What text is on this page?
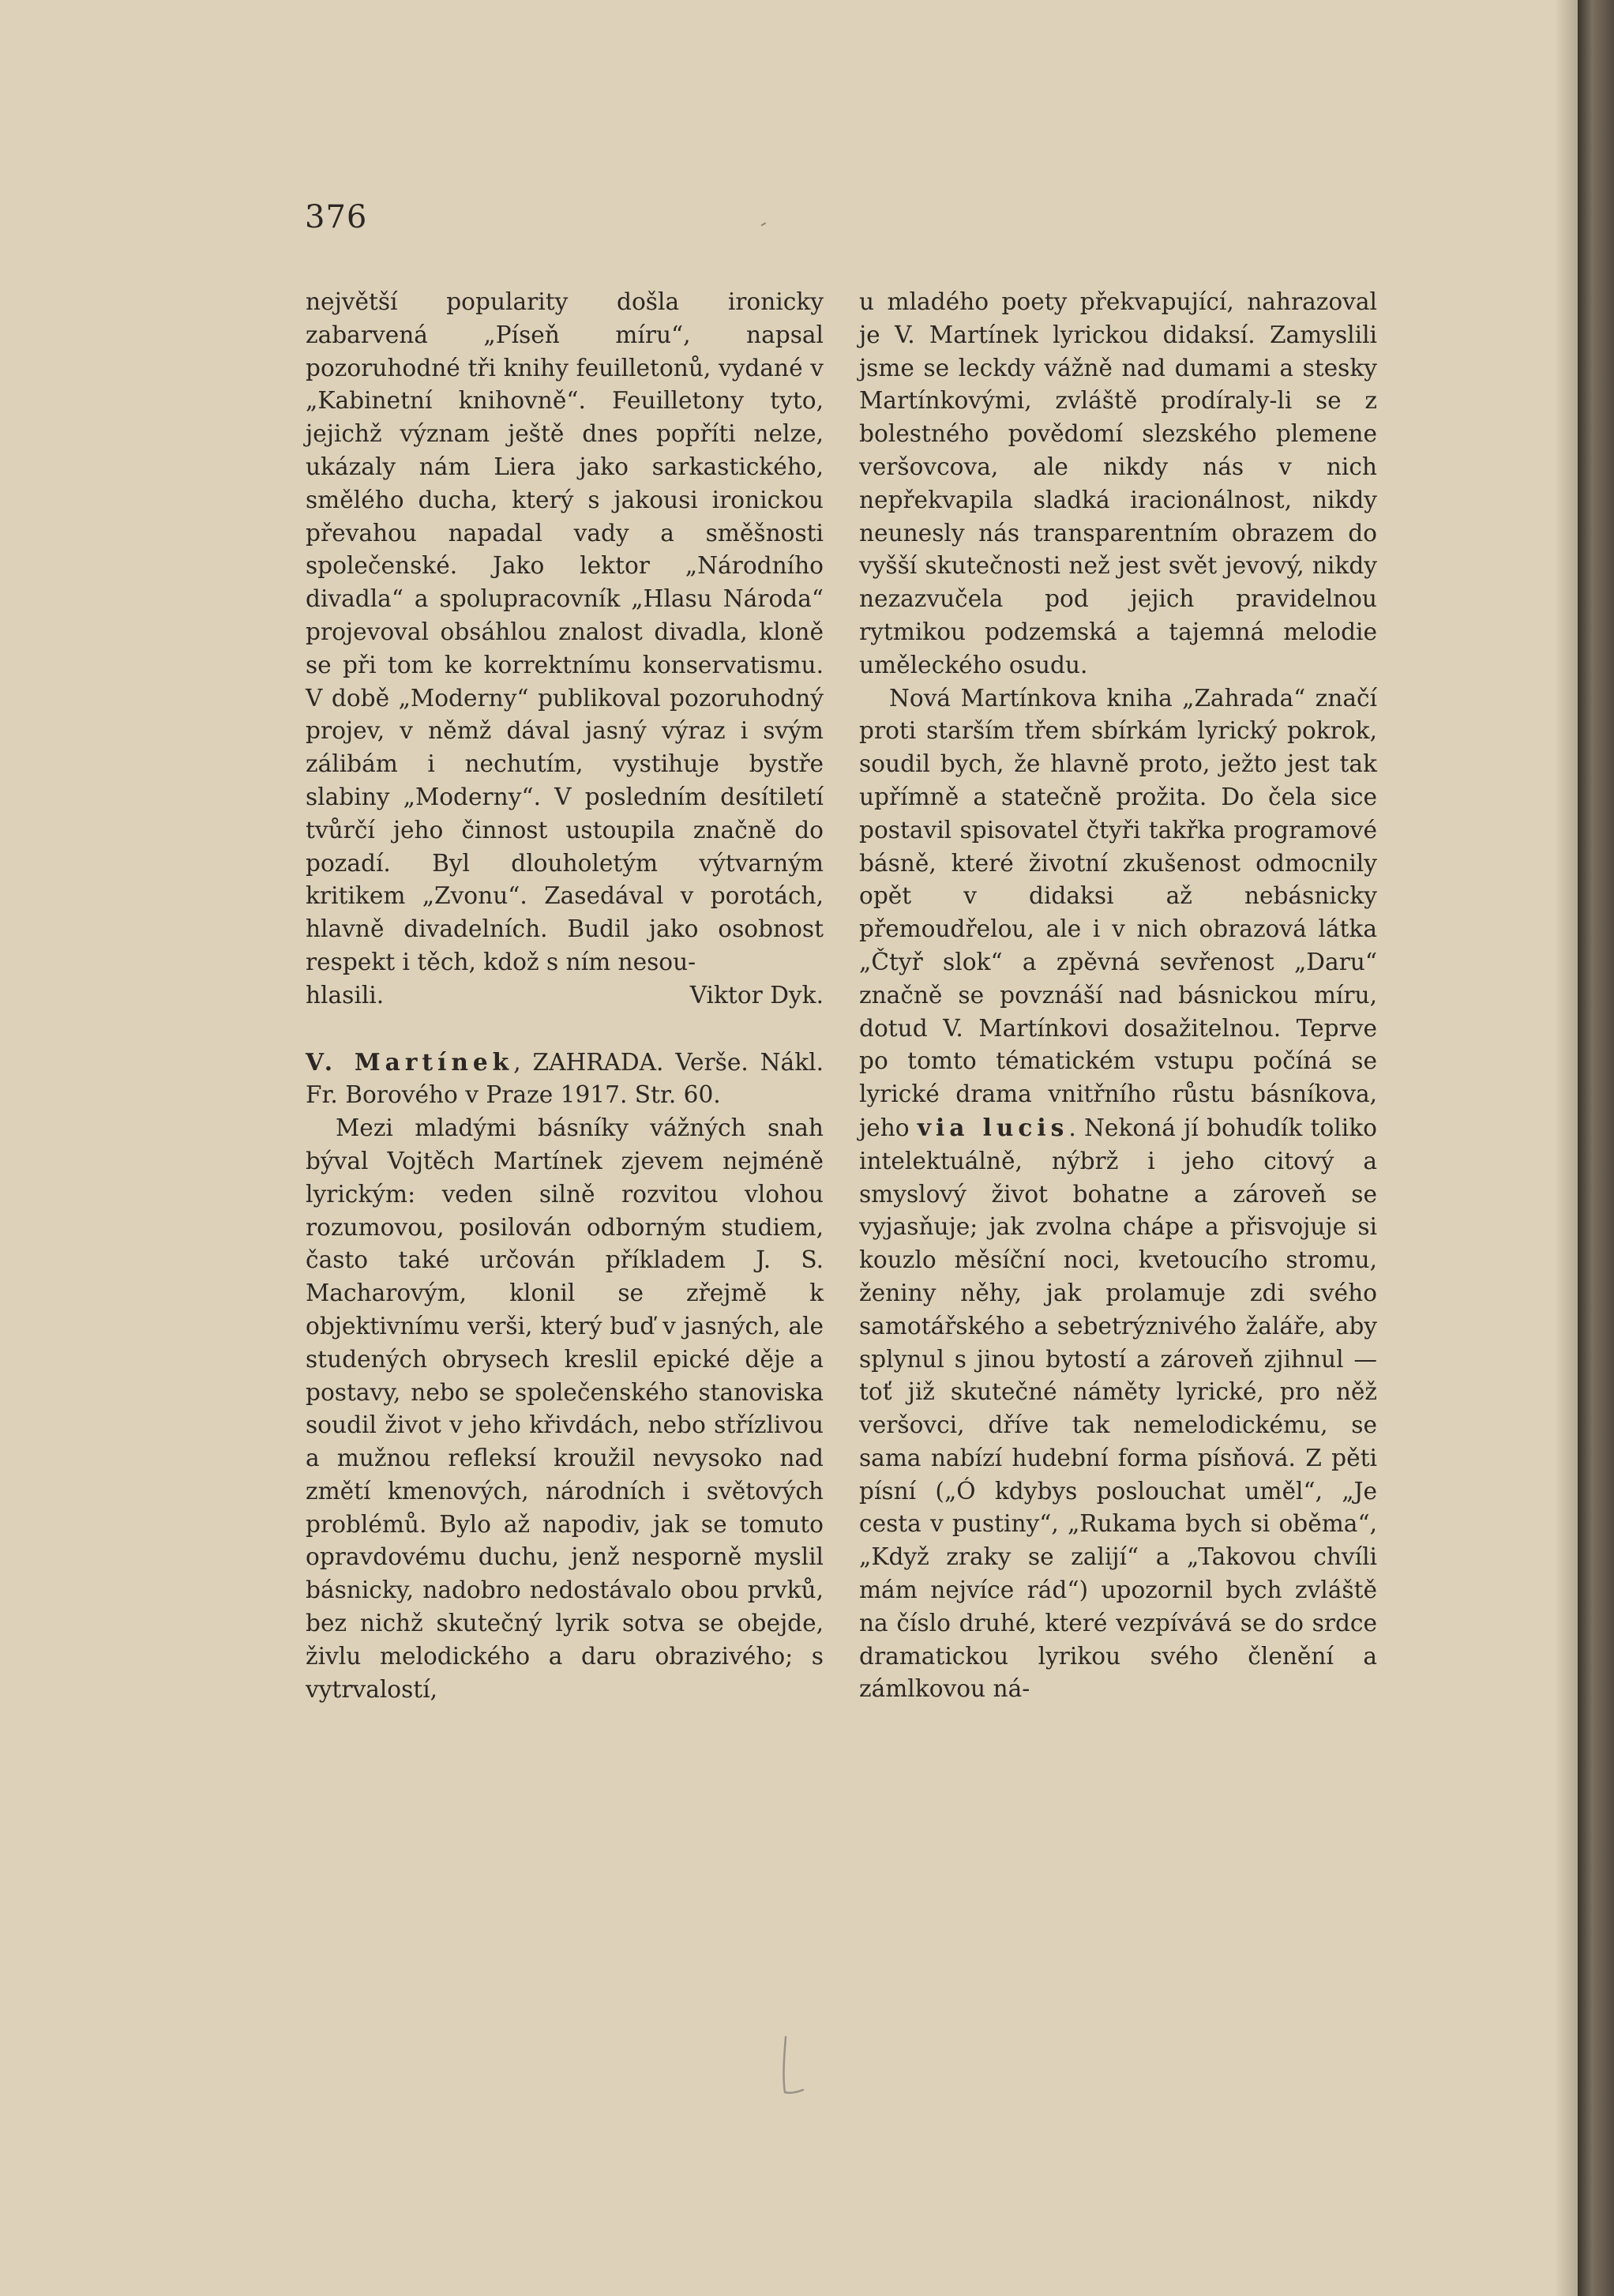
376	-

největší popularity došla ironicky zabarvená „Píseň míru“, napsal pozoruhodné tři knihy feuilletonů, vydané v „Kabinetní knihovně“. Feuilletony tyto, jejichž význam ještě dnes popříti nelze, ukázaly nám Liera jako sarkastického, smělého ducha, který s jakousi ironickou převahou napadal vady a směšnosti společenské. Jako lektor „Národního divadla“ a spolupracovník „Hlasu Národa“ projevoval obsáhlou znalost divadla, kloně se při tom ke korrektnímu konservatismu. V době „Moderny“ publikoval pozoruhodný projev, v němž dával jasný výraz i svým zálibám i nechutím, vystihuje bystře slabiny „Moderny“. V posledním desítiletí tvůrčí jeho činnost ustoupila značně do pozadí. Byl dlouholetým výtvarným kritikem „Zvonu“. Zasedával v porotách, hlavně divadelních. Budil jako osobnost respekt i těch, kdož s ním nesou-

hlasili.	Viktor Dyk.

V. Martínek, ZAHRADA. Verše. Nákl. Fr. Borového v Praze 1917. Str. 60.

Mezi mladými básníky vážných snah býval Vojtěch Martínek zjevem nejméně lyrickým: veden silně rozvitou vlohou rozumovou, posilován odborným studiem, často také určován příkladem J. S. Macharovým, klonil se zřejmě k objektivnímu verši, který buď v jasných, ale studených obrysech kreslil epické děje a postavy, nebo se společenského stanoviska soudil život v jeho křivdách, nebo střízlivou a mužnou refleksí kroužil nevysoko nad změtí kmenových, národních i světových problémů. Bylo až napodiv, jak se tomuto opravdovému duchu, jenž nesporně myslil básnicky, nadobro nedostávalo obou prvků, bez nichž skutečný lyrik sotva se obejde, živlu melodického a daru obrazivého; s vytrvalostí,

u mladého poety překvapující, nahrazoval je V. Martínek lyrickou didaksí. Zamyslili jsme se leckdy vážně nad dumami a stesky Martínkovými, zvláště prodíraly-li se z bolestného povědomí slezského plemene veršovcova, ale nikdy nás v nich nepřekvapila sladká iracionálnost, nikdy neunesly nás transparentním obrazem do vyšší skutečnosti než jest svět jevový, nikdy nezazvučela pod jejich pravidelnou rytmikou podzemská a tajemná melodie uměleckého osudu.

Nová Martínkova kniha „Zahrada“ značí proti starším třem sbírkám lyrický pokrok, soudil bych, že hlavně proto, ježto jest tak upřímně a statečně prožita. Do čela sice postavil spisovatel čtyři takřka programové básně, které životní zkušenost odmocnily opět v didaksi až nebásnicky přemoudřelou, ale i v nich obrazová látka „Čtyř slok“ a zpěvná sevřenost „Daru“ značně se povznáší nad básnickou míru, dotud V. Martínkovi dosažitelnou. Teprve po tomto tématickém vstupu počíná se lyrické drama vnitřního růstu básníkova, jeho via lucis. Nekoná jí bohudík toliko intelektuálně, nýbrž i jeho citový a smyslový život bohatne a zároveň se vyjasňuje; jak zvolna chápe a přisvojuje si kouzlo měsíční noci, kvetoucího stromu, ženiny něhy, jak prolamuje zdi svého samotářského a sebetrýznivého žaláře, aby splynul s jinou bytostí a zároveň zjihnul — toť již skutečné náměty lyrické, pro něž veršovci, dříve tak nemelodickému, se sama nabízí hudební forma písňová. Z pěti písní („Ó kdybys poslouchat uměl“, „Je cesta v pustiny“, „Rukama bych si oběma“, „Když zraky se zalijí“ a „Takovou chvíli mám nejvíce rád“) upozornil bych zvláště na číslo druhé, které vezpívává se do srdce dramatickou lyrikou svého členění a zámlkovou ná-
